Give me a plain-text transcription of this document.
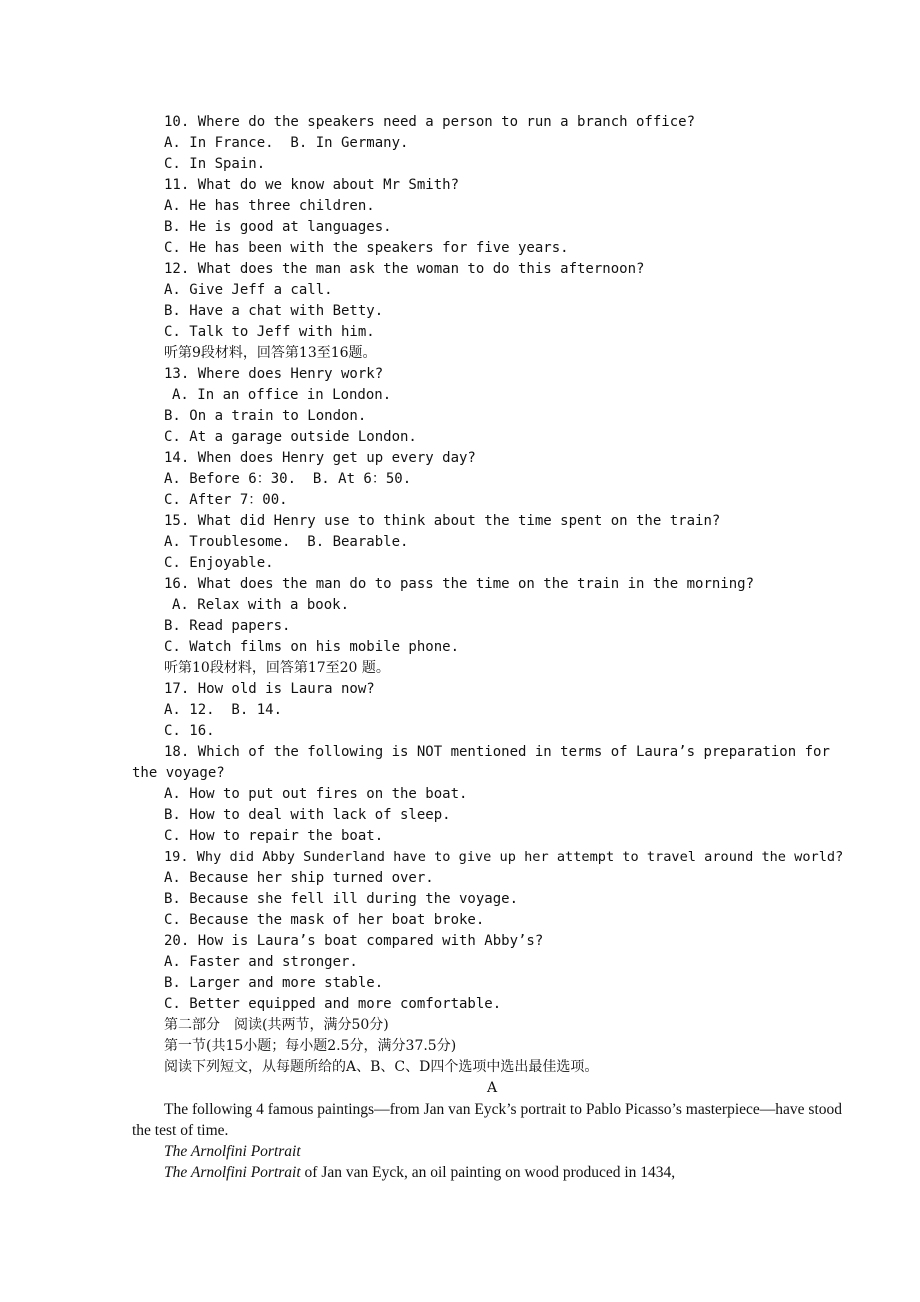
10. Where do the speakers need a person to run a branch office?
A. In France.  B. In Germany.
C. In Spain.
11. What do we know about Mr Smith?
A. He has three children.
B. He is good at languages.
C. He has been with the speakers for five years.
12. What does the man ask the woman to do this afternoon?
A. Give Jeff a call.
B. Have a chat with Betty.
C. Talk to Jeff with him.
听第9段材料，回答第13至16题。
13. Where does Henry work?
A. In an office in London.
B. On a train to London.
C. At a garage outside London.
14. When does Henry get up every day?
A. Before 6：30.  B. At 6：50.
C. After 7：00.
15. What did Henry use to think about the time spent on the train?
A. Troublesome.  B. Bearable.
C. Enjoyable.
16. What does the man do to pass the time on the train in the morning?
A. Relax with a book.
B. Read papers.
C. Watch films on his mobile phone.
听第10段材料，回答第17至20 题。
17. How old is Laura now?
A. 12.  B. 14.
C. 16.
18. Which of the following is NOT mentioned in terms of Laura’s preparation for the voyage?
A. How to put out fires on the boat.
B. How to deal with lack of sleep.
C. How to repair the boat.
19. Why did Abby Sunderland have to give up her attempt to travel around the world?
A. Because her ship turned over.
B. Because she fell ill during the voyage.
C. Because the mask of her boat broke.
20. How is Laura’s boat compared with Abby’s?
A. Faster and stronger.
B. Larger and more stable.
C. Better equipped and more comfortable.
第二部分　阅读(共两节，满分50分)
第一节(共15小题；每小题2.5分，满分37.5分)
阅读下列短文，从每题所给的A、B、C、D四个选项中选出最佳选项。
A
The following 4 famous paintings—from Jan van Eyck’s portrait to Pablo Picasso’s masterpiece—have stood the test of time.
The Arnolfini Portrait
The Arnolfini Portrait of Jan van Eyck, an oil painting on wood produced in 1434,
